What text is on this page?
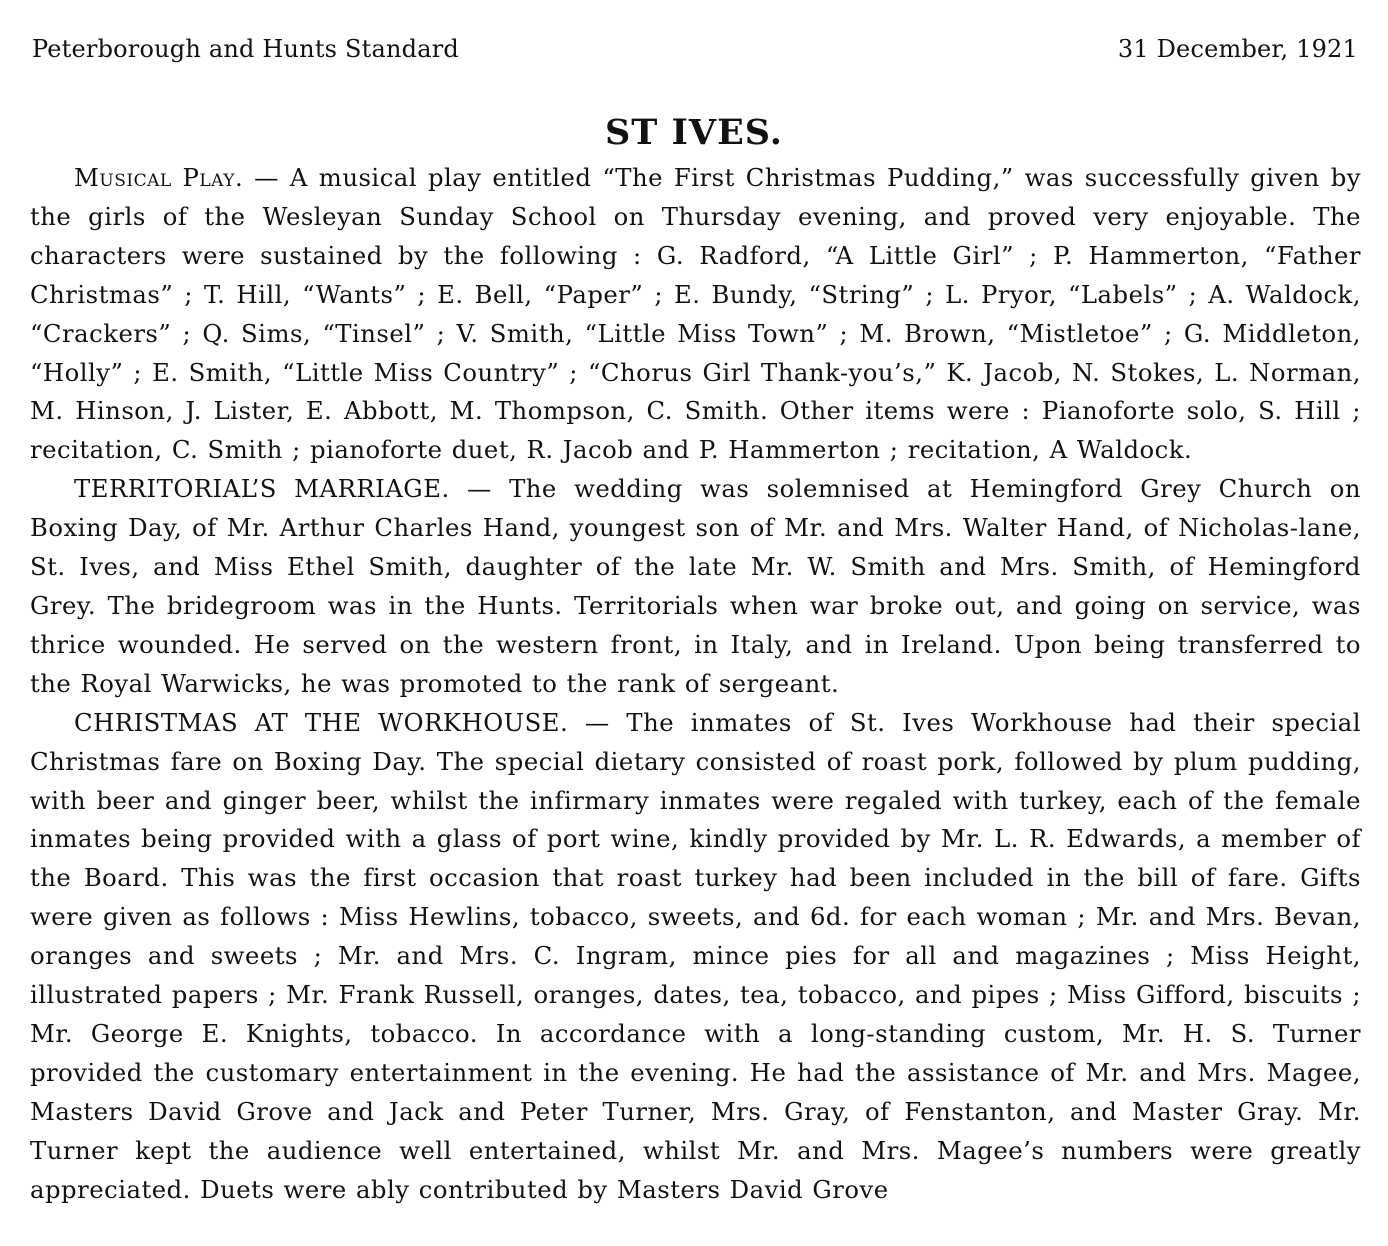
Peterborough and Hunts Standard	31 December, 1921
ST IVES.

Musical Play. — A musical play entitled “The First Christmas Pudding,” was successfully given by the girls of the Wesleyan Sunday School on Thursday evening, and proved very enjoyable. The characters were sustained by the following : G. Radford, “A Little Girl” ; P. Hammerton, “Father Christmas” ; T. Hill, “Wants” ; E. Bell, “Paper” ; E. Bundy, “String” ; L. Pryor, “Labels” ; A. Waldock, “Crackers” ; Q. Sims, “Tinsel” ; V. Smith, “Little Miss Town” ; M. Brown, “Mistletoe” ; G. Middleton, “Holly” ; E. Smith, “Little Miss Country” ; “Chorus Girl Thank-you’s,” K. Jacob, N. Stokes, L. Norman, M. Hinson, J. Lister, E. Abbott, M. Thompson, C. Smith. Other items were : Pianoforte solo, S. Hill ; recitation, C. Smith ; pianoforte duet, R. Jacob and P. Hammerton ; recitation, A Waldock.

TERRITORIAL’S MARRIAGE. — The wedding was solemnised at Hemingford Grey Church on Boxing Day, of Mr. Arthur Charles Hand, youngest son of Mr. and Mrs. Walter Hand, of Nicholas-lane, St. Ives, and Miss Ethel Smith, daughter of the late Mr. W. Smith and Mrs. Smith, of Hemingford Grey. The bridegroom was in the Hunts. Territorials when war broke out, and going on service, was thrice wounded. He served on the western front, in Italy, and in Ireland. Upon being transferred to the Royal Warwicks, he was promoted to the rank of sergeant.

CHRISTMAS AT THE WORKHOUSE. — The inmates of St. Ives Workhouse had their special Christmas fare on Boxing Day. The special dietary consisted of roast pork, followed by plum pudding, with beer and ginger beer, whilst the infirmary inmates were regaled with turkey, each of the female inmates being provided with a glass of port wine, kindly provided by Mr. L. R. Edwards, a member of the Board. This was the first occasion that roast turkey had been included in the bill of fare. Gifts were given as follows : Miss Hewlins, tobacco, sweets, and 6d. for each woman ; Mr. and Mrs. Bevan, oranges and sweets ; Mr. and Mrs. C. Ingram, mince pies for all and magazines ; Miss Height, illustrated papers ; Mr. Frank Russell, oranges, dates, tea, tobacco, and pipes ; Miss Gifford, biscuits ; Mr. George E. Knights, tobacco. In accordance with a long-standing custom, Mr. H. S. Turner provided the customary entertainment in the evening. He had the assistance of Mr. and Mrs. Magee, Masters David Grove and Jack and Peter Turner, Mrs. Gray, of Fenstanton, and Master Gray. Mr. Turner kept the audience well entertained, whilst Mr. and Mrs. Magee’s numbers were greatly appreciated. Duets were ably contributed by Masters David Grove
